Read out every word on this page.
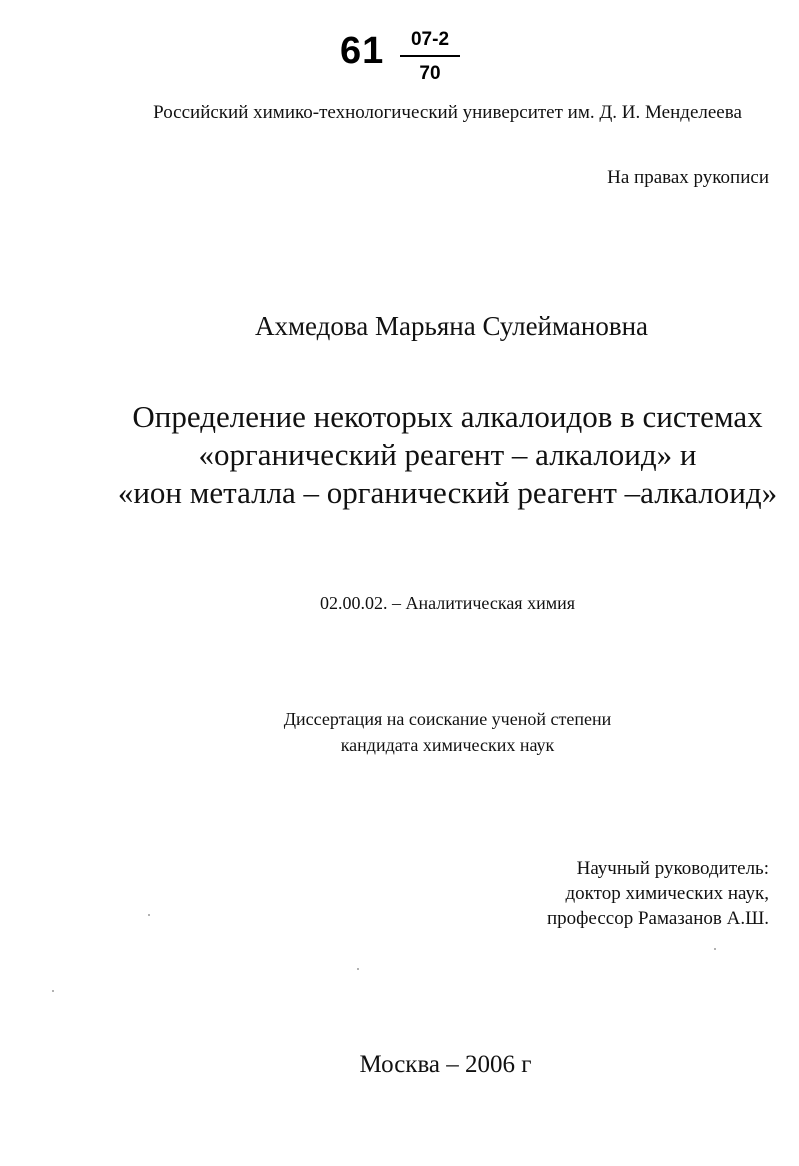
61 07-2
70
Российский химико-технологический университет им. Д. И. Менделеева
На правах рукописи
Ахмедова Марьяна Сулеймановна
Определение некоторых алкалоидов в системах
«органический реагент – алкалоид» и
«ион металла – органический реагент –алкалоид»
02.00.02. – Аналитическая химия
Диссертация на соискание ученой степени
кандидата химических наук
Научный руководитель:
доктор химических наук,
профессор Рамазанов А.Ш.
Москва – 2006 г
